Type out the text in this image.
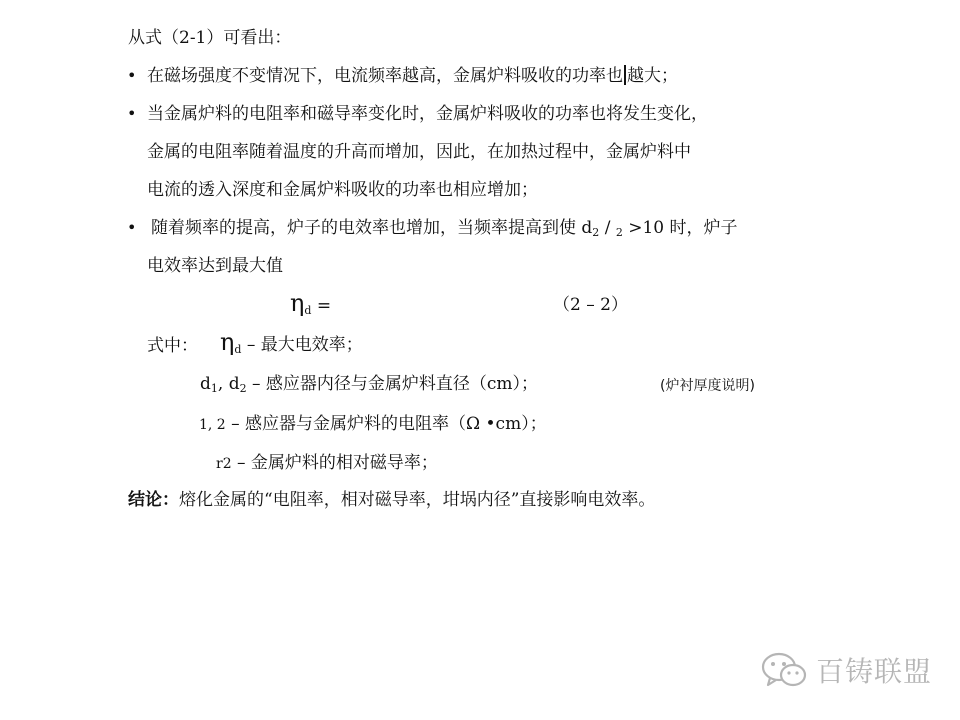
从式（2-1）可看出：
• 在磁场强度不变情况下，电流频率越高，金属炉料吸收的功率也 越大；
• 当金属炉料的电阻率和磁导率变化时，金属炉料吸收的功率也将发生变化，
金属的电阻率随着温度的升高而增加，因此，在加热过程中，金属炉料中
电流的透入深度和金属炉料吸收的功率也相应增加；
• 随着频率的提高，炉子的电效率也增加，当频率提高到使 $d_2 / _2 >10$ 时，炉子
电效率达到最大值
$\eta_d$ =	（2 – 2）
式中： $\eta_d$ – 最大电效率；
$d_1$, $d_2$ – 感应器内径与金属炉料直径（cm）；	(炉衬厚度说明)
1, 2 – 感应器与金属炉料的电阻率（Ω •cm）；
r2 – 金属炉料的相对磁导率；
结论：熔化金属的“电阻率，相对磁导率，坩埚内径”直接影响电效率。
百铸联盟
